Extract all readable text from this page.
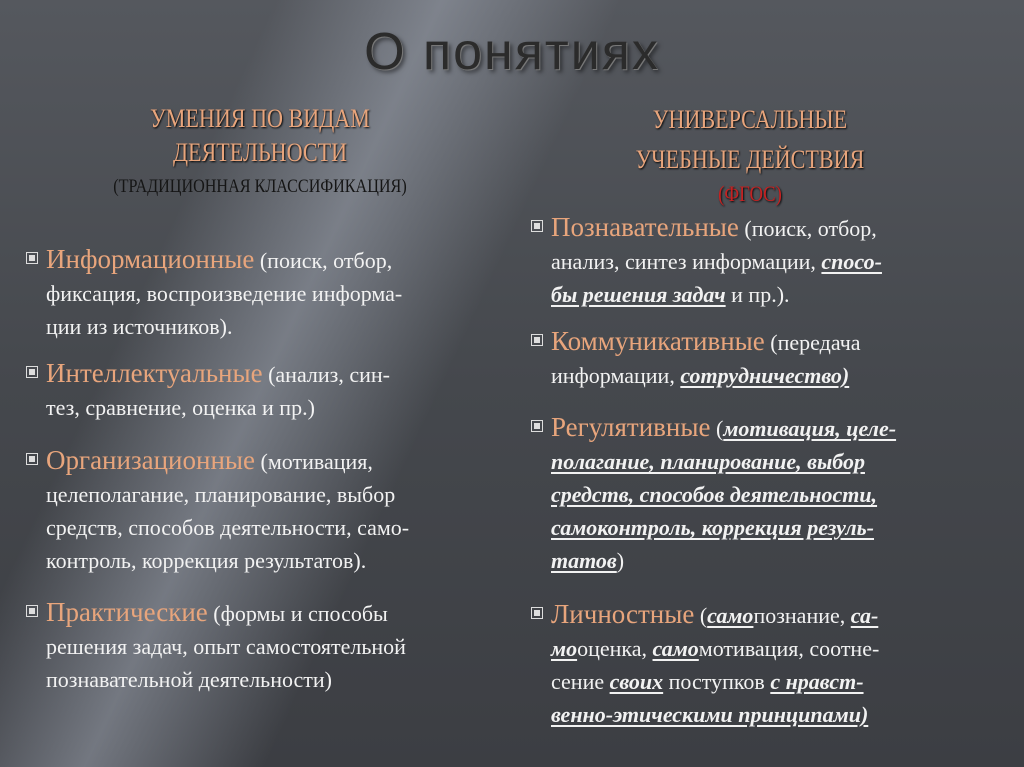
О понятиях
УМЕНИЯ ПО ВИДАМ
ДЕЯТЕЛЬНОСТИ
(ТРАДИЦИОННАЯ КЛАССИФИКАЦИЯ)
УНИВЕРСАЛЬНЫЕ
УЧЕБНЫЕ ДЕЙСТВИЯ
(ФГОС)
Информационные (поиск, отбор,
фиксация, воспроизведение информа-
ции из источников).
Интеллектуальные (анализ, син-
тез, сравнение, оценка и пр.)
Организационные (мотивация,
целеполагание, планирование, выбор
средств, способов деятельности, само-
контроль, коррекция результатов).
Практические (формы и способы
решения задач, опыт самостоятельной
познавательной деятельности)
Познавательные (поиск, отбор,
анализ, синтез информации, спосо-
бы решения задач и пр.).
Коммуникативные (передача
информации, сотрудничество)
Регулятивные (мотивация, целе-
полагание, планирование, выбор
средств, способов деятельности,
самоконтроль, коррекция резуль-
татов)
Личностные (самопознание, са-
мооценка, самомотивация, соотне-
сение своих поступков с нравст-
венно-этическими принципами)
